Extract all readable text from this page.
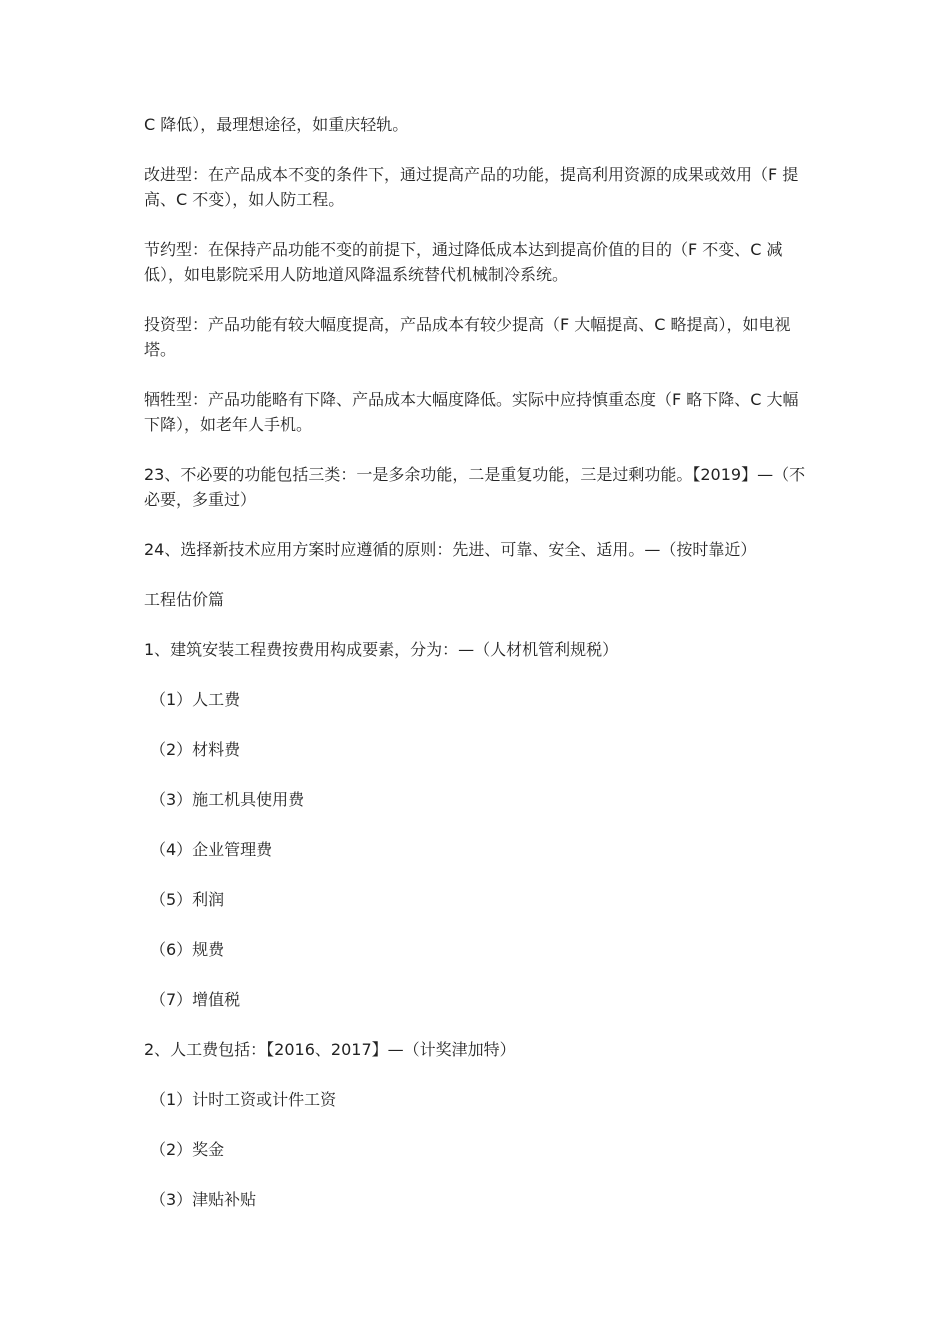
C 降低），最理想途径，如重庆轻轨。

改进型：在产品成本不变的条件下，通过提高产品的功能，提高利用资源的成果或效用（F 提高、C 不变），如人防工程。

节约型：在保持产品功能不变的前提下，通过降低成本达到提高价值的目的（F 不变、C 减低），如电影院采用人防地道风降温系统替代机械制冷系统。

投资型：产品功能有较大幅度提高，产品成本有较少提高（F 大幅提高、C 略提高），如电视塔。

牺牲型：产品功能略有下降、产品成本大幅度降低。实际中应持慎重态度（F 略下降、C 大幅下降），如老年人手机。

23、不必要的功能包括三类：一是多余功能，二是重复功能，三是过剩功能。【2019】—（不必要，多重过）

24、选择新技术应用方案时应遵循的原则：先进、可靠、安全、适用。—（按时靠近）

工程估价篇

1、建筑安装工程费按费用构成要素，分为：—（人材机管利规税）

（1）人工费

（2）材料费

（3）施工机具使用费

（4）企业管理费

（5）利润

（6）规费

（7）增值税

2、人工费包括：【2016、2017】—（计奖津加特）

（1）计时工资或计件工资

（2）奖金

（3）津贴补贴
